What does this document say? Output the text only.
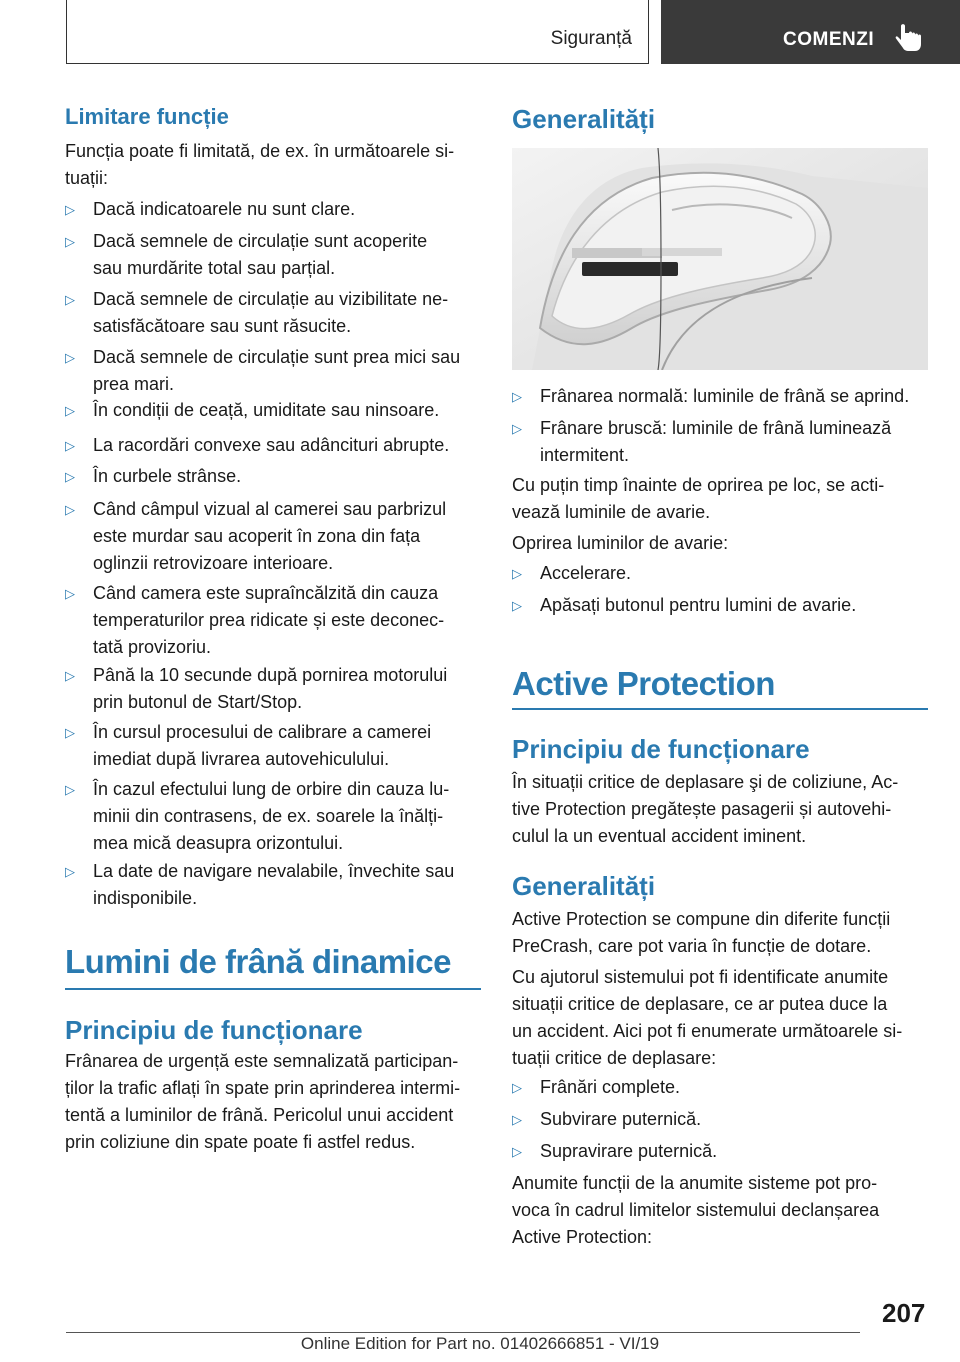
Siguranță	COMENZI
Limitare funcție
Funcția poate fi limitată, de ex. în următoarele si-
tuații:
▷ Dacă indicatoarele nu sunt clare.
▷ Dacă semnele de circulație sunt acoperite
sau murdărite total sau parțial.
▷ Dacă semnele de circulație au vizibilitate ne-
satisfăcătoare sau sunt răsucite.
▷ Dacă semnele de circulație sunt prea mici sau
prea mari.
▷ În condiții de ceață, umiditate sau ninsoare.
▷ La racordări convexe sau adâncituri abrupte.
▷ În curbele strânse.
▷ Când câmpul vizual al camerei sau parbrizul
este murdar sau acoperit în zona din fața
oglinzii retrovizoare interioare.
▷ Când camera este supraîncălzită din cauza
temperaturilor prea ridicate și este deconec-
tată provizoriu.
▷ Până la 10 secunde după pornirea motorului
prin butonul de Start/Stop.
▷ În cursul procesului de calibrare a camerei
imediat după livrarea autovehiculului.
▷ În cazul efectului lung de orbire din cauza lu-
minii din contrasens, de ex. soarele la înălți-
mea mică deasupra orizontului.
▷ La date de navigare nevalabile, învechite sau
indisponibile.
Lumini de frână dinamice
Principiu de funcționare
Frânarea de urgență este semnalizată participan-
ților la trafic aflați în spate prin aprinderea intermi-
tentă a luminilor de frână. Pericolul unui accident
prin coliziune din spate poate fi astfel redus.
Generalități
▷ Frânarea normală: luminile de frână se aprind.
▷ Frânare bruscă: luminile de frână luminează
intermitent.
Cu puțin timp înainte de oprirea pe loc, se acti-
vează luminile de avarie.
Oprirea luminilor de avarie:
▷ Accelerare.
▷ Apăsați butonul pentru lumini de avarie.
Active Protection
Principiu de funcționare
În situații critice de deplasare şi de coliziune, Ac-
tive Protection pregătește pasagerii și autovehi-
culul la un eventual accident iminent.
Generalități
Active Protection se compune din diferite funcții
PreCrash, care pot varia în funcție de dotare.
Cu ajutorul sistemului pot fi identificate anumite
situații critice de deplasare, ce ar putea duce la
un accident. Aici pot fi enumerate următoarele si-
tuații critice de deplasare:
▷ Frânări complete.
▷ Subvirare puternică.
▷ Supravirare puternică.
Anumite funcții de la anumite sisteme pot pro-
voca în cadrul limitelor sistemului declanșarea
Active Protection:
207
Online Edition for Part no. 01402666851 - VI/19
